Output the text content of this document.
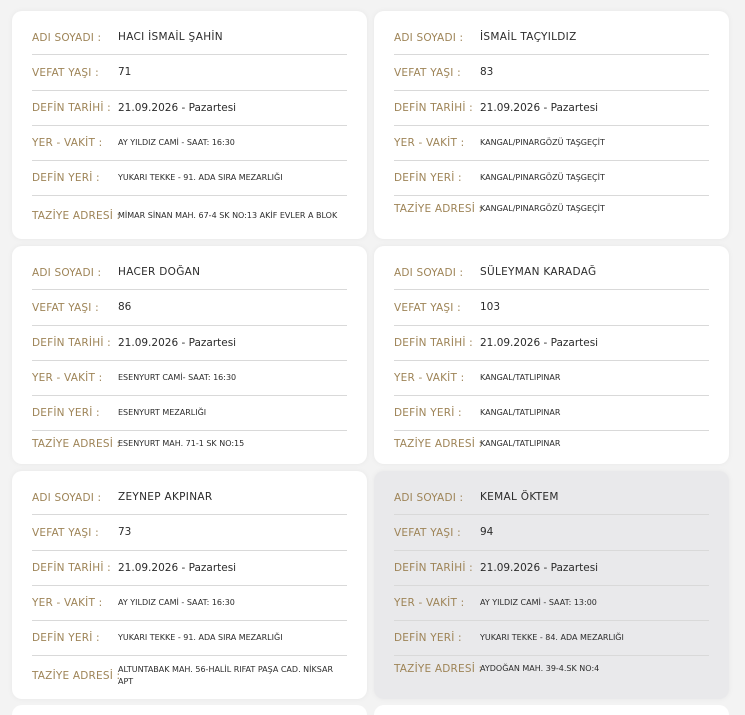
ADI SOYADI :	HACI İSMAİL ŞAHİN
VEFAT YAŞI :	71
DEFİN TARİHİ : 21.09.2026 - Pazartesi
YER - VAKİT :	AY YILDIZ CAMİ - SAAT: 16:30
DEFİN YERİ :	YUKARI TEKKE - 91. ADA SIRA MEZARLIĞI
TAZİYE ADRESİ :
MİMAR SİNAN MAH. 67-4 SK NO:13 AKİF EVLER A BLOK
ADI SOYADI :	İSMAİL TAÇYILDIZ
VEFAT YAŞI :	83
DEFİN TARİHİ : 21.09.2026 - Pazartesi
YER - VAKİT :	KANGAL/PINARGÖZÜ TAŞGEÇİT
DEFİN YERİ :	KANGAL/PINARGÖZÜ TAŞGEÇİT
TAZİYE ADRESİ :
KANGAL/PINARGÖZÜ TAŞGEÇİT
ADI SOYADI :	HACER DOĞAN
VEFAT YAŞI :	86
DEFİN TARİHİ : 21.09.2026 - Pazartesi
YER - VAKİT :	ESENYURT CAMİ- SAAT: 16:30
DEFİN YERİ :	ESENYURT MEZARLIĞI
TAZİYE ADRESİ :
ESENYURT MAH. 71-1 SK NO:15
ADI SOYADI :	SÜLEYMAN KARADAĞ
VEFAT YAŞI :	103
DEFİN TARİHİ : 21.09.2026 - Pazartesi
YER - VAKİT :	KANGAL/TATLIPINAR
DEFİN YERİ :	KANGAL/TATLIPINAR
TAZİYE ADRESİ :
KANGAL/TATLIPINAR
ADI SOYADI :	ZEYNEP AKPINAR
VEFAT YAŞI :	73
DEFİN TARİHİ : 21.09.2026 - Pazartesi
YER - VAKİT :	AY YILDIZ CAMİ - SAAT: 16:30
DEFİN YERİ :	YUKARI TEKKE - 91. ADA SIRA MEZARLIĞI
TAZİYE ADRESİ :
ALTUNTABAK MAH. 56-HALİL RIFAT PAŞA CAD. NİKSAR APT
ADI SOYADI :	KEMAL ÖKTEM
VEFAT YAŞI :	94
DEFİN TARİHİ : 21.09.2026 - Pazartesi
YER - VAKİT :	AY YILDIZ CAMİ - SAAT: 13:00
DEFİN YERİ :	YUKARI TEKKE - 84. ADA MEZARLIĞI
TAZİYE ADRESİ :
AYDOĞAN MAH. 39-4.SK NO:4
